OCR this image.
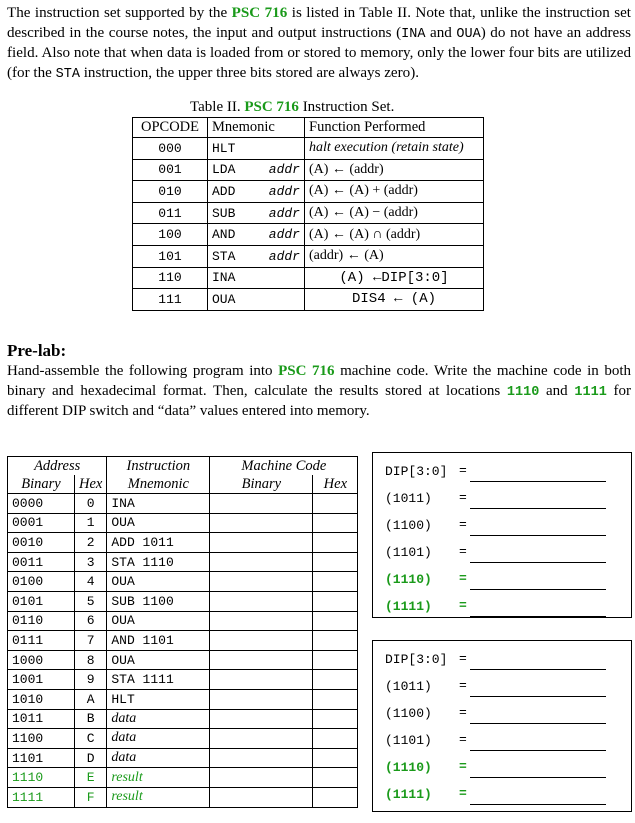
The instruction set supported by the PSC 716 is listed in Table II. Note that, unlike the instruction set described in the course notes, the input and output instructions (INA and OUA) do not have an address field. Also note that when data is loaded from or stored to memory, only the lower four bits are utilized (for the STA instruction, the upper three bits stored are always zero).

Table II. PSC 716 Instruction Set.
OPCODE	Mnemonic	Function Performed
000	HLT	halt execution (retain state)
001	LDA addr	(A) ← (addr)
010	ADD addr	(A) ← (A) + (addr)
011	SUB addr	(A) ← (A) − (addr)
100	AND addr	(A) ← (A) ∩ (addr)
101	STA addr	(addr) ← (A)
110	INA	(A) ←DIP[3:0]
111	OUA	DIS4 ← (A)
Pre-lab:

Hand-assemble the following program into PSC 716 machine code. Write the machine code in both binary and hexadecimal format. Then, calculate the results stored at locations 1110 and 1111 for different DIP switch and “data” values entered into memory.

Address		Instruction	Machine Code	
Binary	Hex	Mnemonic	Binary	Hex
0000	0	INA		
0001	1	OUA		
0010	2	ADD 1011		
0011	3	STA 1110		
0100	4	OUA		
0101	5	SUB 1100		
0110	6	OUA		
0111	7	AND 1101		
1000	8	OUA		
1001	9	STA 1111		
1010	A	HLT		
1011	B	data		
1100	C	data		
1101	D	data		
1110	E	result		
1111	F	result		
DIP[3:0] =
(1011) =
(1100) =
(1101) =
(1110) =
(1111) =
DIP[3:0] =
(1011) =
(1100) =
(1101) =
(1110) =
(1111) =
